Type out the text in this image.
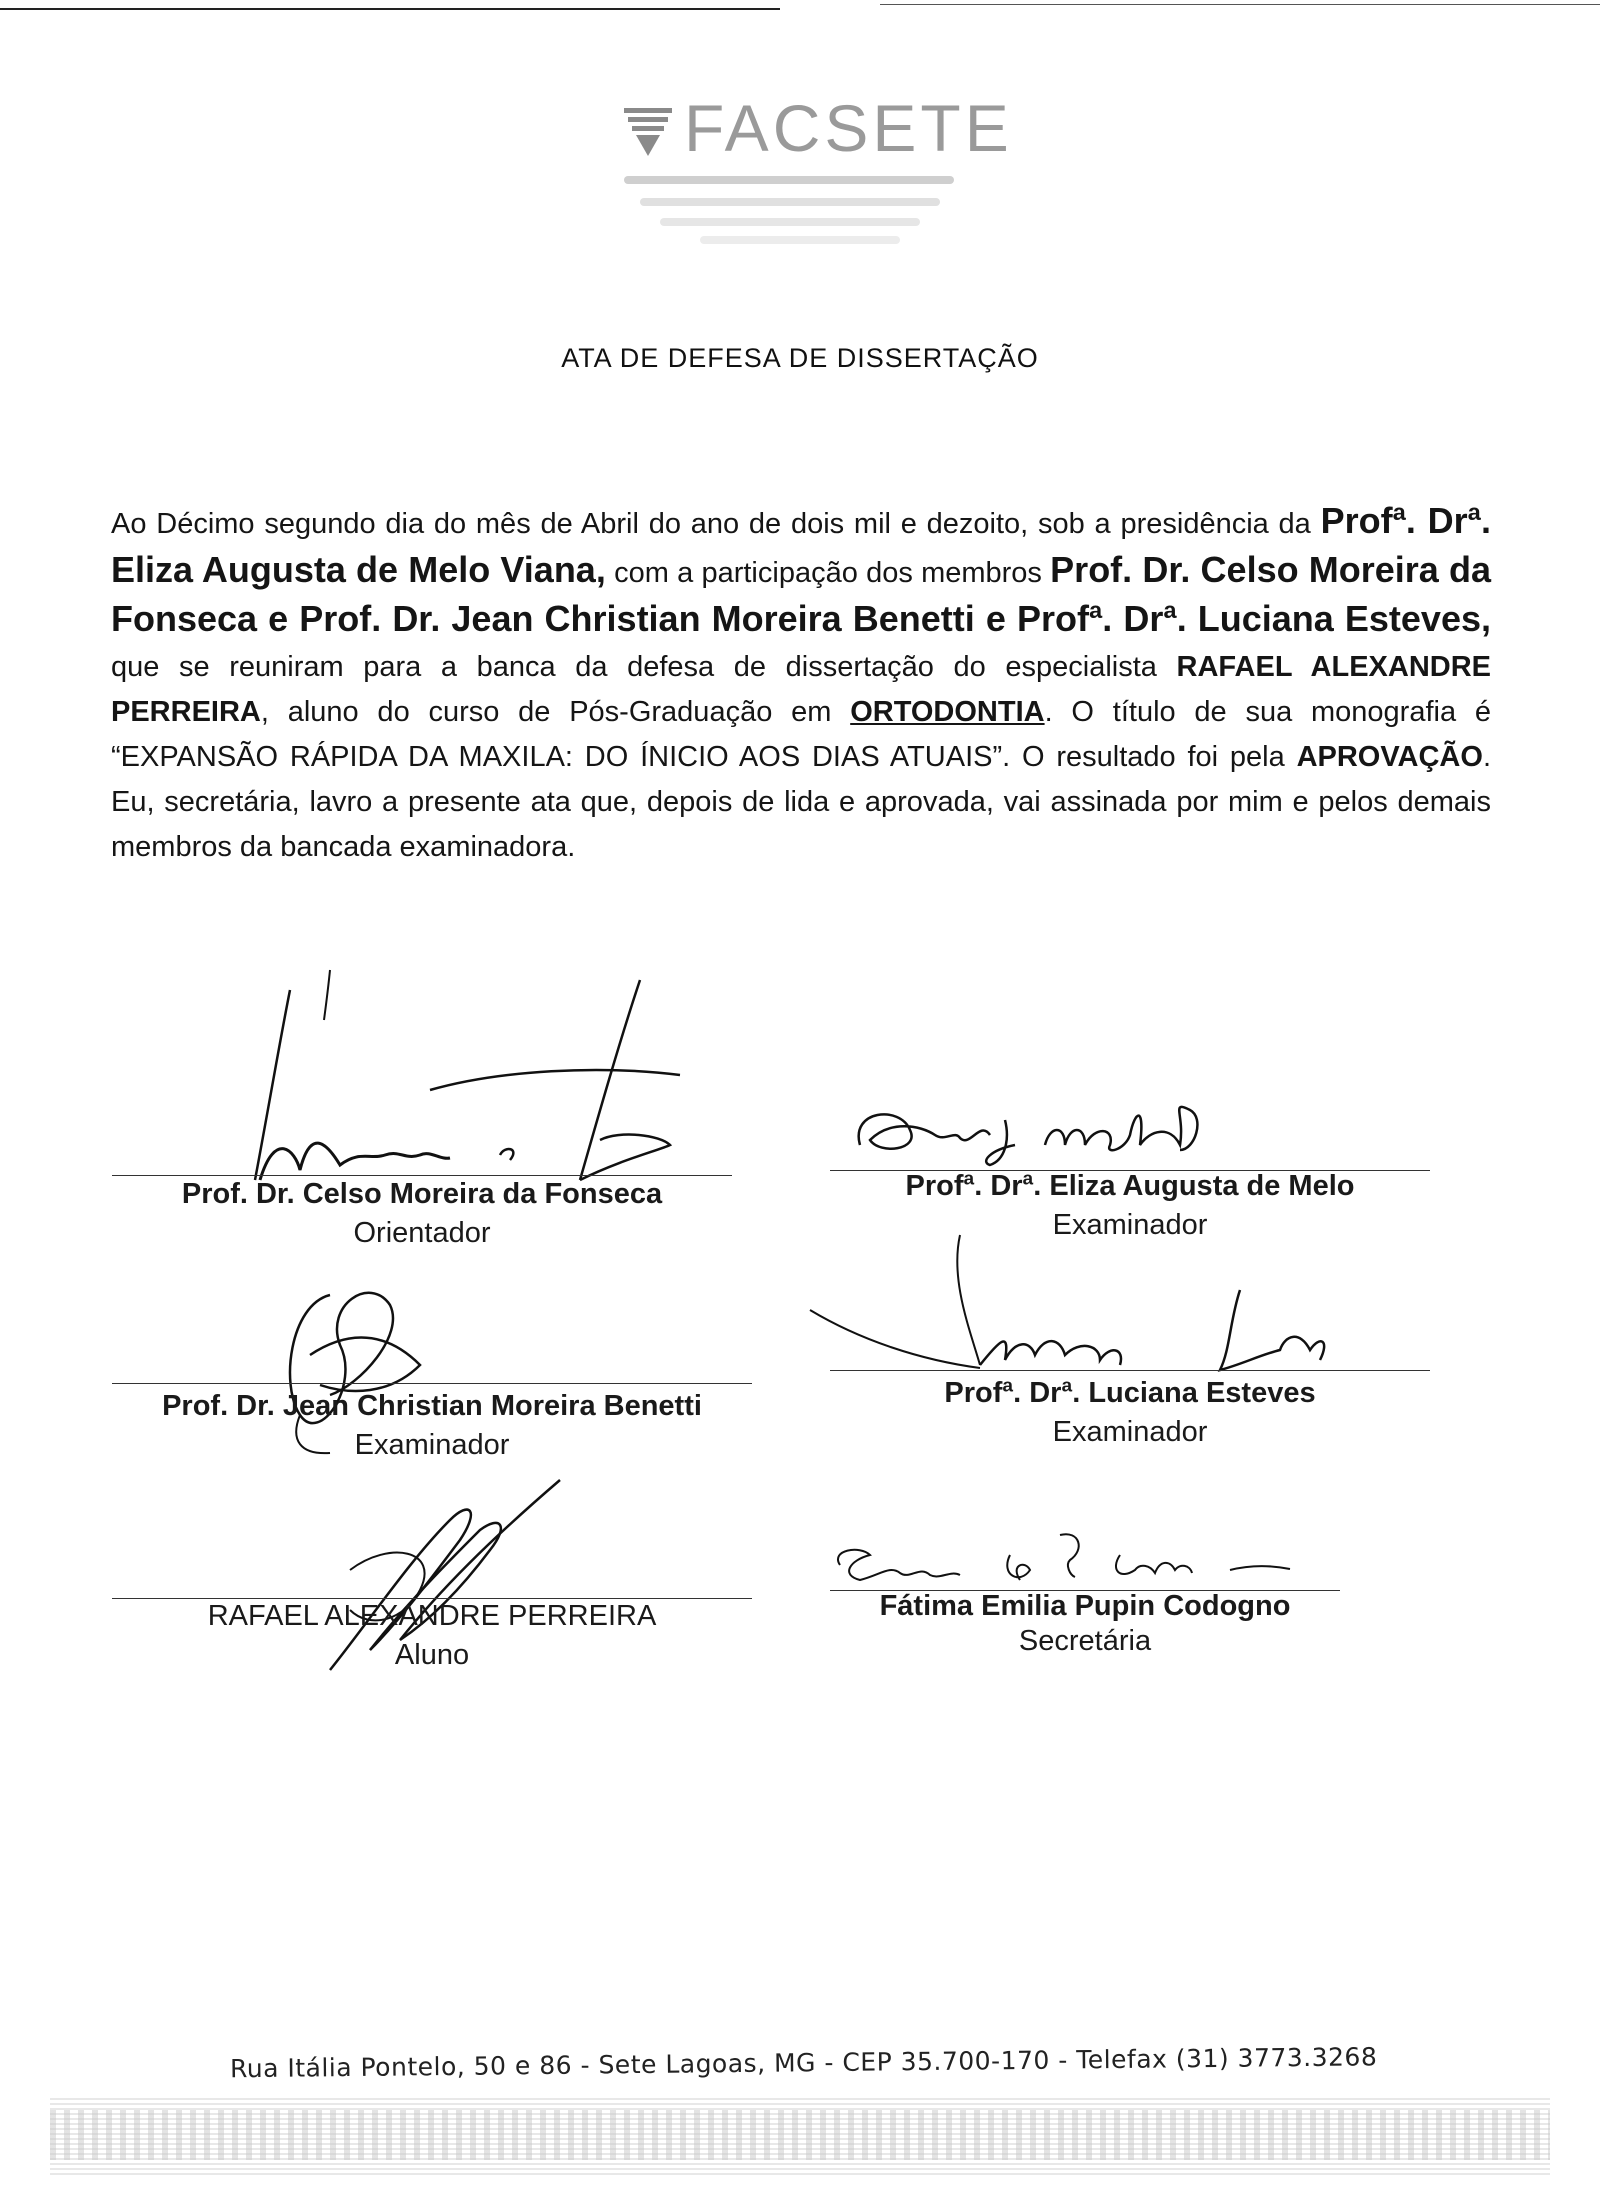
FACSETE
ATA DE DEFESA DE DISSERTAÇÃO
Ao Décimo segundo dia do mês de Abril do ano de dois mil e dezoito, sob a presidência da Profª. Drª. Eliza Augusta de Melo Viana, com a participação dos membros Prof. Dr. Celso Moreira da Fonseca e Prof. Dr. Jean Christian Moreira Benetti e Profª. Drª. Luciana Esteves, que se reuniram para a banca da defesa de dissertação do especialista RAFAEL ALEXANDRE PERREIRA, aluno do curso de Pós-Graduação em ORTODONTIA. O título de sua monografia é “EXPANSÃO RÁPIDA DA MAXILA: DO ÍNICIO AOS DIAS ATUAIS”. O resultado foi pela APROVAÇÃO. Eu, secretária, lavro a presente ata que, depois de lida e aprovada, vai assinada por mim e pelos demais membros da bancada examinadora.
Prof. Dr. Celso Moreira da Fonseca
Orientador
Profª. Drª. Eliza Augusta de Melo
Examinador
Prof. Dr. Jean Christian Moreira Benetti
Examinador
Profª. Drª. Luciana Esteves
Examinador
RAFAEL ALEXANDRE PERREIRA
Aluno
Fátima Emilia Pupin Codogno
Secretária
Rua Itália Pontelo, 50 e 86 - Sete Lagoas, MG - CEP 35.700-170 - Telefax (31) 3773.3268
